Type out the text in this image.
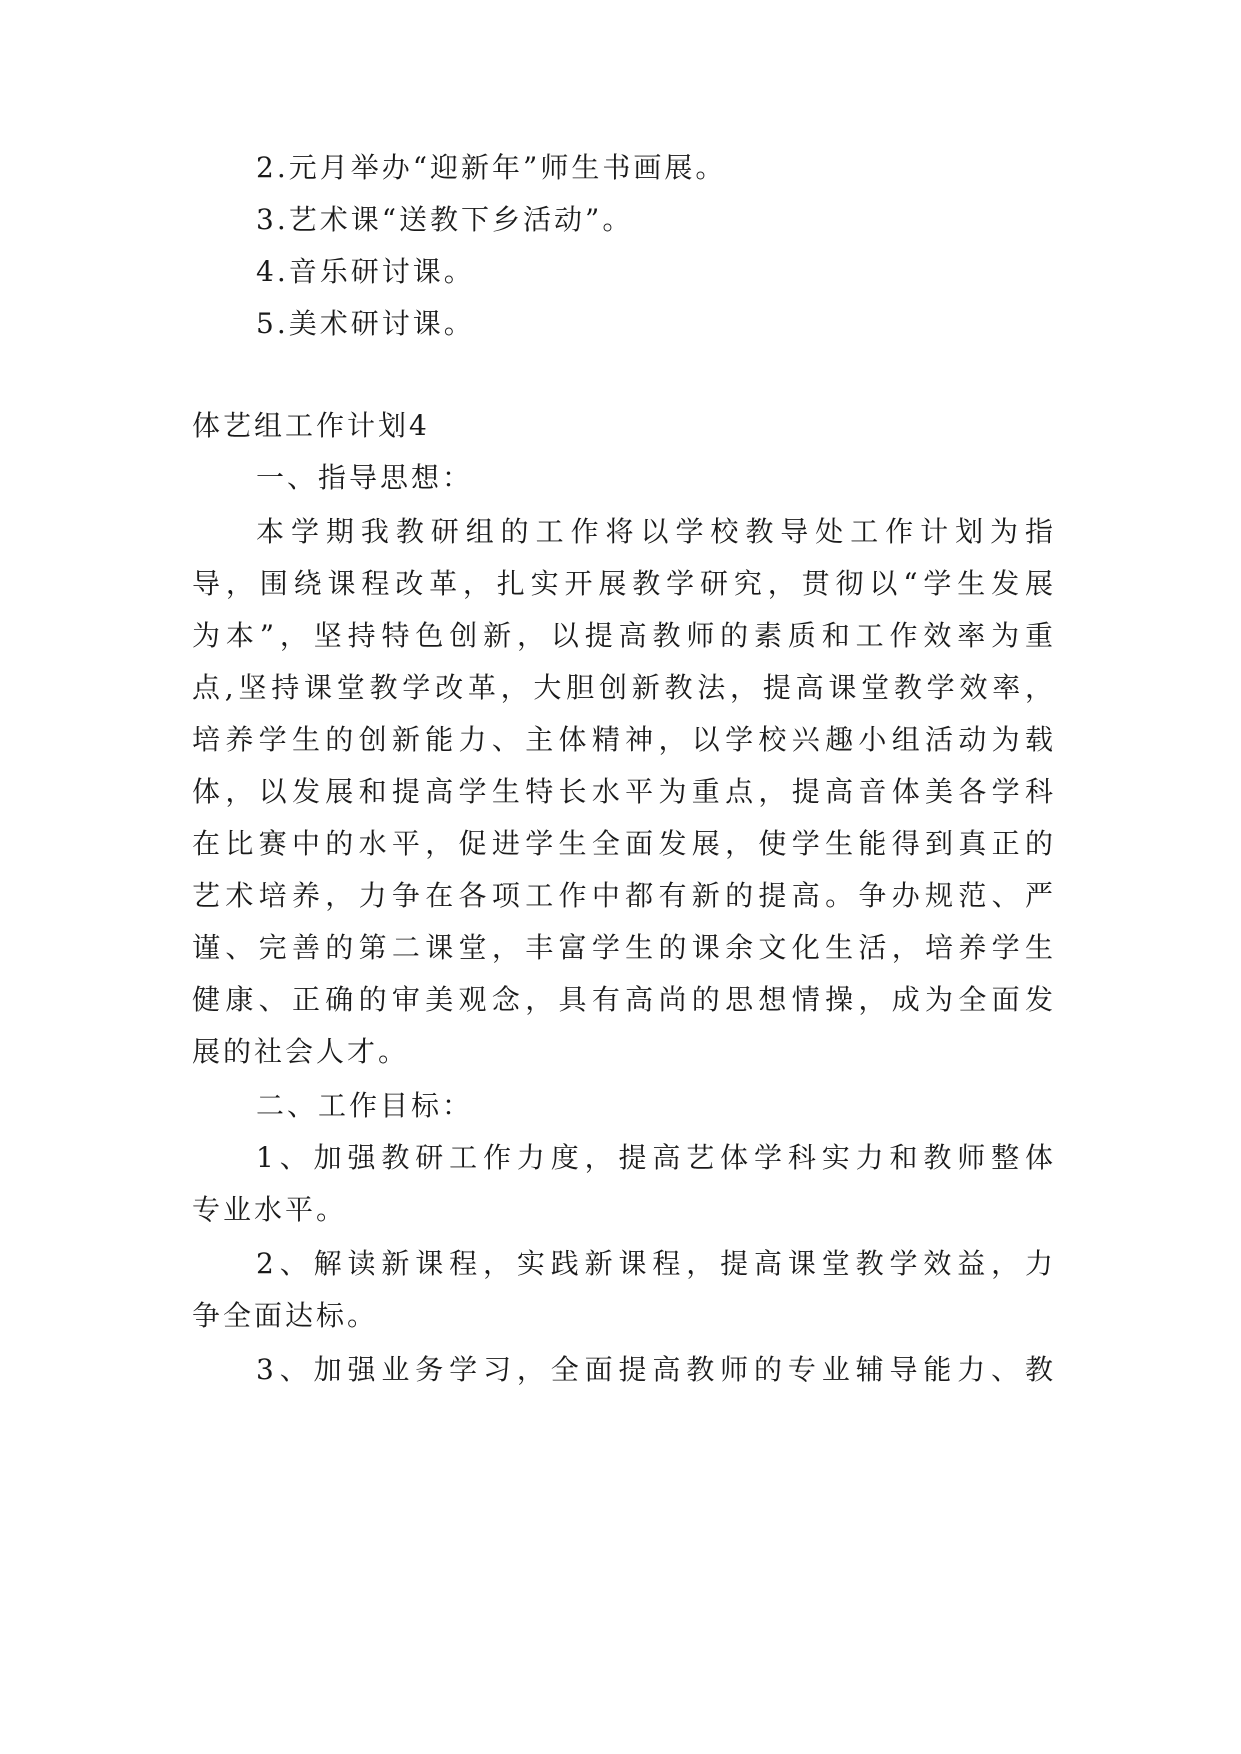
2.元月举办“迎新年”师生书画展。
3.艺术课“送教下乡活动”。
4.音乐研讨课。
5.美术研讨课。
体艺组工作计划4
一、指导思想：
本学期我教研组的工作将以学校教导处工作计划为指
导，围绕课程改革，扎实开展教学研究，贯彻以“学生发展
为本”，坚持特色创新，以提高教师的素质和工作效率为重
点,坚持课堂教学改革，大胆创新教法，提高课堂教学效率，
培养学生的创新能力、主体精神，以学校兴趣小组活动为载
体，以发展和提高学生特长水平为重点，提高音体美各学科
在比赛中的水平，促进学生全面发展，使学生能得到真正的
艺术培养，力争在各项工作中都有新的提高。争办规范、严
谨、完善的第二课堂，丰富学生的课余文化生活，培养学生
健康、正确的审美观念，具有高尚的思想情操，成为全面发
展的社会人才。
二、工作目标：
1、加强教研工作力度，提高艺体学科实力和教师整体
专业水平。
2、解读新课程，实践新课程，提高课堂教学效益，力
争全面达标。
3、加强业务学习，全面提高教师的专业辅导能力、教
